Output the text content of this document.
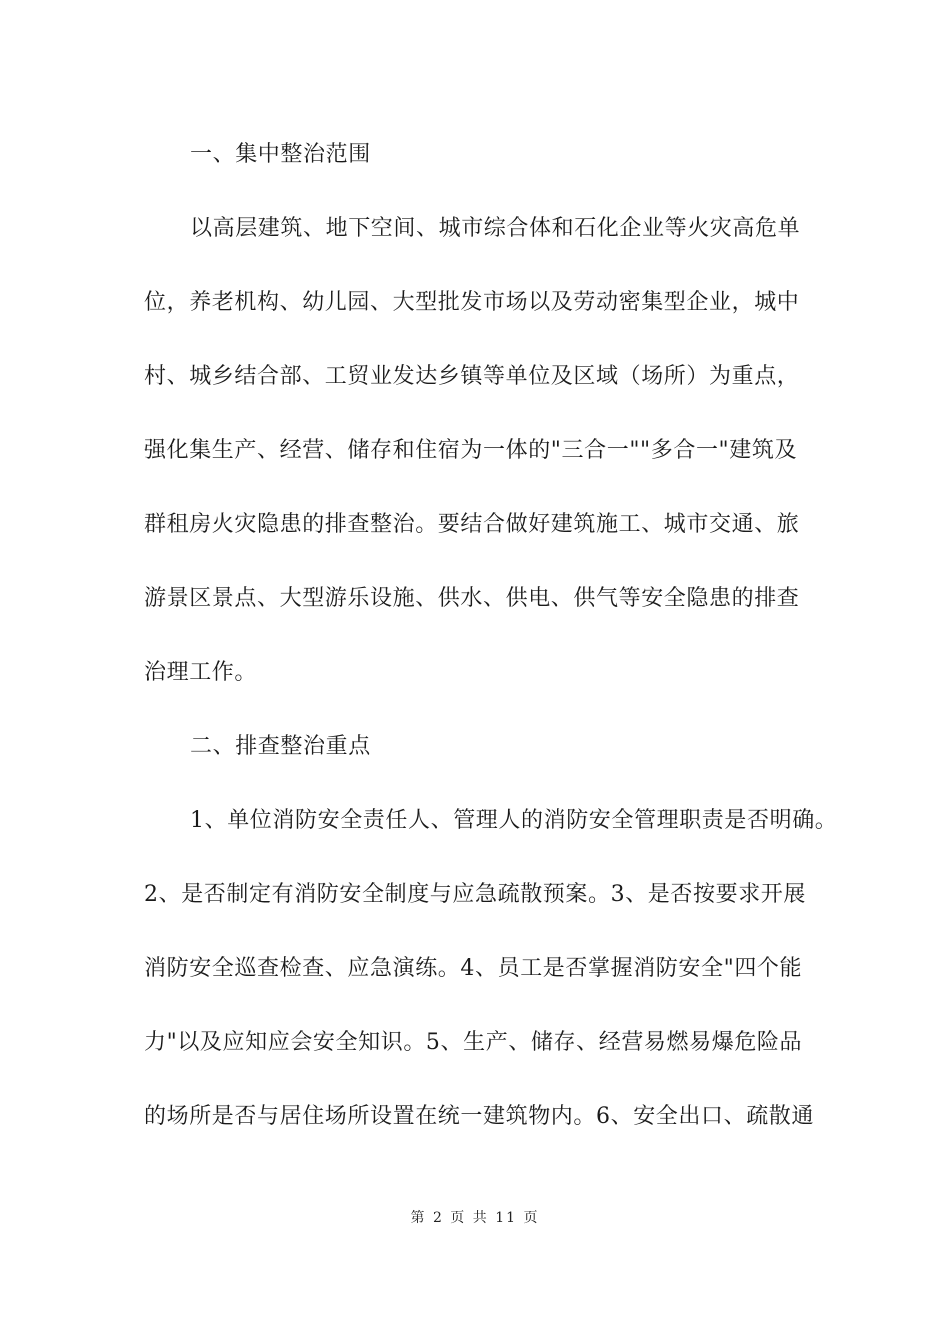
一、集中整治范围
以高层建筑、地下空间、城市综合体和石化企业等火灾高危单
位，养老机构、幼儿园、大型批发市场以及劳动密集型企业，城中
村、城乡结合部、工贸业发达乡镇等单位及区域（场所）为重点，
强化集生产、经营、储存和住宿为一体的"三合一""多合一"建筑及
群租房火灾隐患的排查整治。要结合做好建筑施工、城市交通、旅
游景区景点、大型游乐设施、供水、供电、供气等安全隐患的排查
治理工作。
二、排查整治重点
1、单位消防安全责任人、管理人的消防安全管理职责是否明确。
2、是否制定有消防安全制度与应急疏散预案。3、是否按要求开展
消防安全巡查检查、应急演练。4、员工是否掌握消防安全"四个能
力"以及应知应会安全知识。5、生产、储存、经营易燃易爆危险品
的场所是否与居住场所设置在统一建筑物内。6、安全出口、疏散通
第 2 页 共 11 页
